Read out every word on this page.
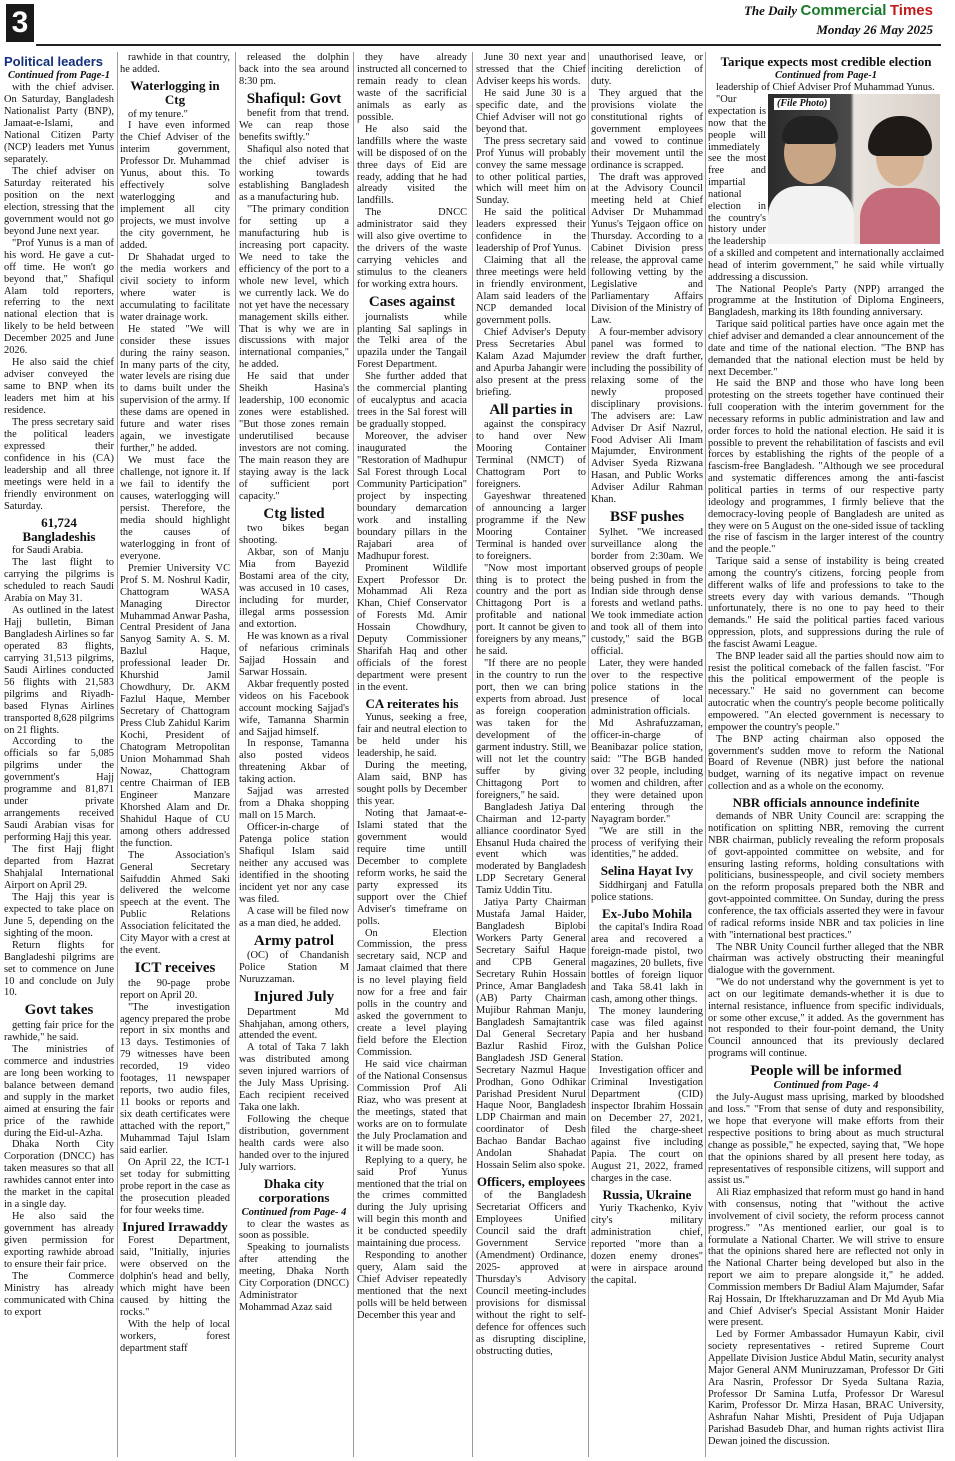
3	The Daily Commercial Times
Monday 26 May 2025
Political leaders
Continued from Page-1

with the chief adviser. On Saturday, Bangladesh Nationalist Party (BNP), Jamaat-e-Islami, and National Citizen Party (NCP) leaders met Yunus separately.

The chief adviser on Saturday reiterated his position on the next election, stressing that the government would not go beyond June next year.

"Prof Yunus is a man of his word. He gave a cut-off time. He won't go beyond that," Shafiqul Alam told reporters, referring to the next national election that is likely to be held between December 2025 and June 2026.

He also said the chief adviser conveyed the same to BNP when its leaders met him at his residence.

The press secretary said the political leaders expressed their confidence in his (CA) leadership and all three meetings were held in a friendly environment on Saturday.

61,724 Bangladeshis

for Saudi Arabia.

The last flight to carrying the pilgrims is scheduled to reach Saudi Arabia on May 31.

As outlined in the latest Hajj bulletin, Biman Bangladesh Airlines so far operated 83 flights, carrying 31,513 pilgrims, Saudi Airlines conducted 56 flights with 21,583 pilgrims and Riyadh-based Flynas Airlines transported 8,628 pilgrims on 21 flights.

According to the officials so far 5,085 pilgrims under the government's Hajj programme and 81,871 under private arrangements received Saudi Arabian visas for performing Hajj this year.

The first Hajj flight departed from Hazrat Shahjalal International Airport on April 29.

The Hajj this year is expected to take place on June 5, depending on the sighting of the moon.

Return flights for Bangladeshi pilgrims are set to commence on June 10 and conclude on July 10.

Govt takes

getting fair price for the rawhide," he said.

The ministries of commerce and industries are long been working to balance between demand and supply in the market aimed at ensuring the fair price of the rawhide during the Eid-ul-Azha.

Dhaka North City Corporation (DNCC) has taken measures so that all rawhides cannot enter into the market in the capital in a single day.

He also said the government has already given permission for exporting rawhide abroad to ensure their fair price.

The Commerce Ministry has already communicated with China to export

rawhide in that country, he added.

Waterlogging in Ctg

of my tenure."

I have even informed the Chief Adviser of the interim government, Professor Dr. Muhammad Yunus, about this. To effectively solve waterlogging and implement all city projects, we must involve the city government, he added.

Dr Shahadat urged to the media workers and civil society to inform where water is accumulating to facilitate water drainage work.

He stated "We will consider these issues during the rainy season. In many parts of the city, water levels are rising due to dams built under the supervision of the army. If these dams are opened in future and water rises again, we investigate further," he added.

We must face the challenge, not ignore it. If we fail to identify the causes, waterlogging will persist. Therefore, the media should highlight the causes of waterlogging in front of everyone.

Premier University VC Prof S. M. Noshrul Kadir, Chattogram WASA Managing Director Muhammad Anwar Pasha, Central President of Jana Sanyog Samity A. S. M. Bazlul Haque, professional leader Dr. Khurshid Jamil Chowdhury, Dr. AKM Fazlul Haque, Member Secretary of Chattogram Press Club Zahidul Karim Kochi, President of Chatogram Metropolitan Union Mohammad Shah Nowaz, Chattogram centre Chairman of IEB Engineer Manzare Khorshed Alam and Dr. Shahidul Haque of CU among others addressed the function.

The Association's General Secretary Saifuddin Ahmed Saki delivered the welcome speech at the event. The Public Relations Association felicitated the City Mayor with a crest at the event.

ICT receives

the 90-page probe report on April 20.

"The investigation agency prepared the probe report in six months and 13 days. Testimonies of 79 witnesses have been recorded, 19 video footages, 11 newspaper reports, two audio files, 11 books or reports and six death certificates were attached with the report," Muhammad Tajul Islam said earlier.

On April 22, the ICT-1 set today for submitting probe report in the case as the prosecution pleaded for four weeks time.

Injured Irrawaddy

Forest Department, said, "Initially, injuries were observed on the dolphin's head and belly, which might have been caused by hitting the rocks."

With the help of local workers, forest department staff

released the dolphin back into the sea around 8:30 pm.

Shafiqul: Govt

benefit from that trend. We can reap those benefits swiftly."

Shafiqul also noted that the chief adviser is working towards establishing Bangladesh as a manufacturing hub.

"The primary condition for setting up a manufacturing hub is increasing port capacity. We need to take the efficiency of the port to a whole new level, which we currently lack. We do not yet have the necessary management skills either. That is why we are in discussions with major international companies," he added.

He said that under Sheikh Hasina's leadership, 100 economic zones were established. "But those zones remain underutilised because investors are not coming. The main reason they are staying away is the lack of sufficient port capacity."

Ctg listed

two bikes began shooting.

Akbar, son of Manju Mia from Bayezid Bostami area of the city, was accused in 10 cases, including for murder, illegal arms possession and extortion.

He was known as a rival of nefarious criminals Sajjad Hossain and Sarwar Hossain.

Akbar frequently posted videos on his Facebook account mocking Sajjad's wife, Tamanna Sharmin and Sajjad himself.

In response, Tamanna also posted videos threatening Akbar of taking action.

Sajjad was arrested from a Dhaka shopping mall on 15 March.

Officer-in-charge of Patenga police station Shafiqul Islam said neither any accused was identified in the shooting incident yet nor any case was filed.

A case will be filed now as a man died, he added.

Army patrol

(OC) of Chandanish Police Station M Nuruzzaman.

Injured July

Department Md Shahjahan, among others, attended the event.

A total of Taka 7 lakh was distributed among seven injured warriors of the July Mass Uprising. Each recipient received Taka one lakh.

Following the cheque distribution, government health cards were also handed over to the injured July warriors.

Dhaka city corporations
Continued from Page- 4

to clear the wastes as soon as possible.

Speaking to journalists after attending the meeting, Dhaka North City Corporation (DNCC) Administrator Mohammad Azaz said

they have already instructed all concerned to remain ready to clean waste of the sacrificial animals as early as possible.

He also said the landfills where the waste will be disposed of on the three days of Eid are ready, adding that he had already visited the landfills.

The DNCC administrator said they will also give overtime to the drivers of the waste carrying vehicles and stimulus to the cleaners for working extra hours.

Cases against

journalists while planting Sal saplings in the Telki area of the upazila under the Tangail Forest Department.

She further added that the commercial planting of eucalyptus and acacia trees in the Sal forest will be gradually stopped.

Moreover, the adviser inaugurated the "Restoration of Madhupur Sal Forest through Local Community Participation" project by inspecting boundary demarcation work and installing boundary pillars in the Rajabari area of Madhupur forest.

Prominent Wildlife Expert Professor Dr. Mohammad Ali Reza Khan, Chief Conservator of Forests Md. Amir Hossain Chowdhury, Deputy Commissioner Sharifah Haq and other officials of the forest department were present in the event.

CA reiterates his

Yunus, seeking a free, fair and neutral election to be held under his leadership, he said.

During the meeting, Alam said, BNP has sought polls by December this year.

Noting that Jamaat-e-Islami stated that the government would require time untill December to complete reform works, he said the party expressed its support over the Chief Adviser's timeframe on polls.

On Election Commission, the press secretary said, NCP and Jamaat claimed that there is no level playing field now for a free and fair polls in the country and asked the government to create a level playing field before the Election Commission.

He said vice chairman of the National Consensus Commission Prof Ali Riaz, who was present at the meetings, stated that works are on to formulate the July Proclamation and it will be made soon.

Replying to a query, he said Prof Yunus mentioned that the trial on the crimes committed during the July uprising will begin this month and it be conducted speedily maintaining due process.

Responding to another query, Alam said the Chief Adviser repeatedly mentioned that the next polls will be held between December this year and

June 30 next year and stressed that the Chief Adviser keeps his words.

He said June 30 is a specific date, and the Chief Adviser will not go beyond that.

The press secretary said Prof Yunus will probably convey the same message to other political parties, which will meet him on Sunday.

He said the political leaders expressed their confidence in the leadership of Prof Yunus.

Claiming that all the three meetings were held in friendly environment, Alam said leaders of the NCP demanded local government polls.

Chief Adviser's Deputy Press Secretaries Abul Kalam Azad Majumder and Apurba Jahangir were also present at the press briefing.

All parties in

against the conspiracy to hand over New Mooring Container Terminal (NMCT) of Chattogram Port to foreigners.

Gayeshwar threatened of announcing a larger programme if the New Mooring Container Terminal is handed over to foreigners.

"Now most important thing is to protect the country and the port as Chittagong Port is a profitable and national port. It cannot be given to foreigners by any means," he said.

"If there are no people in the country to run the port, then we can bring experts from abroad. Just as foreign cooperation was taken for the development of the garment industry. Still, we will not let the country suffer by giving Chittagong Port to foreigners," he said.

Bangladesh Jatiya Dal Chairman and 12-party alliance coordinator Syed Ehsanul Huda chaired the event which was moderated by Bangladesh LDP Secretary General Tamiz Uddin Titu.

Jatiya Party Chairman Mustafa Jamal Haider, Bangladesh Biplobi Workers Party General Secretary Saiful Haque and CPB General Secretary Ruhin Hossain Prince, Amar Bangladesh (AB) Party Chairman Mujibur Rahman Manju, Bangladesh Samajtantrik Dal General Secretary Bazlur Rashid Firoz, Bangladesh JSD General Secretary Nazmul Haque Prodhan, Gono Odhikar Parishad President Nurul Haque Noor, Bangladesh LDP Chairman and main coordinator of Desh Bachao Bandar Bachao Andolan Shahadat Hossain Selim also spoke.

Officers, employees

of the Bangladesh Secretariat Officers and Employees Unified Council said the draft Government Service (Amendment) Ordinance, 2025- approved at Thursday's Advisory Council meeting-includes provisions for dismissal without the right to self-defence for offences such as disrupting discipline, obstructing duties,

unauthorised leave, or inciting dereliction of duty.

They argued that the provisions violate the constitutional rights of government employees and vowed to continue their movement until the ordinance is scrapped.

The draft was approved at the Advisory Council meeting held at Chief Adviser Dr Muhammad Yunus's Tejgaon office on Thursday. According to a Cabinet Division press release, the approval came following vetting by the Legislative and Parliamentary Affairs Division of the Ministry of Law.

A four-member advisory panel was formed to review the draft further, including the possibility of relaxing some of the newly proposed disciplinary provisions. The advisers are: Law Adviser Dr Asif Nazrul, Food Adviser Ali Imam Majumder, Environment Adviser Syeda Rizwana Hasan, and Public Works Adviser Adilur Rahman Khan.

BSF pushes

Sylhet. "We increased surveillance along the border from 2:30am. We observed groups of people being pushed in from the Indian side through dense forests and wetland paths. We took immediate action and took all of them into custody," said the BGB official.

Later, they were handed over to the respective police stations in the presence of local administration officials.

Md Ashrafuzzaman, officer-in-charge of Beanibazar police station, said: "The BGB handed over 32 people, including women and children, after they were detained upon entering through the Nayagram border."

"We are still in the process of verifying their identities," he added.

Selina Hayat Ivy

Siddhirganj and Fatulla police stations.

Ex-Jubo Mohila

the capital's Indira Road area and recovered a foreign-made pistol, two magazines, 20 bullets, five bottles of foreign liquor and Taka 58.41 lakh in cash, among other things.

The money laundering case was filed against Papia and her husband with the Gulshan Police Station.

Investigation officer and Criminal Investigation Department (CID) inspector Ibrahim Hossain on December 27, 2021, filed the charge-sheet against five including Papia. The court on August 21, 2022, framed charges in the case.

Russia, Ukraine

Yuriy Tkachenko, Kyiv city's military administration chief, reported "more than a dozen enemy drones" were in airspace around the capital.

Tarique expects most credible election
Continued from Page-1

leadership of Chief Adviser Prof Muhammad Yunus.

(File Photo)

"Our expectation is now that the people will immediately see the most free and impartial national election in the country's history under the leadership of a skilled and competent and internationally acclaimed head of interim government," he said while virtually addressing a discussion.

The National People's Party (NPP) arranged the programme at the Institution of Diploma Engineers, Bangladesh, marking its 18th founding anniversary.

Tarique said political parties have once again met the chief adviser and demanded a clear announcement of the date and time of the national election. "The BNP has demanded that the national election must be held by next December."

He said the BNP and those who have long been protesting on the streets together have continued their full cooperation with the interim government for the necessary reforms in public administration and law and order forces to hold the national election. He said it is possible to prevent the rehabilitation of fascists and evil forces by establishing the rights of the people of a fascism-free Bangladesh. "Although we see procedural and systematic differences among the anti-fascist political parties in terms of our respective party ideology and programmes, I firmly believe that the democracy-loving people of Bangladesh are united as they were on 5 August on the one-sided issue of tackling the rise of fascism in the larger interest of the country and the people."

Tarique said a sense of instability is being created among the country's citizens, forcing people from different walks of life and professions to take to the streets every day with various demands. "Though unfortunately, there is no one to pay heed to their demands." He said the political parties faced various oppression, plots, and suppressions during the rule of the fascist Awami League.

The BNP leader said all the parties should now aim to resist the political comeback of the fallen fascist. "For this the political empowerment of the people is necessary." He said no government can become autocratic when the country's people become politically empowered. "An elected government is necessary to empower the country's people."

The BNP acting chairman also opposed the government's sudden move to reform the National Board of Revenue (NBR) just before the national budget, warning of its negative impact on revenue collection and as a whole on the economy.

NBR officials announce indefinite

demands of NBR Unity Council are: scrapping the notification on splitting NBR, removing the current NBR chairman, publicly revealing the reform proposals of govt-appointed committee on website, and for ensuring lasting reforms, holding consultations with politicians, businesspeople, and civil society members on the reform proposals prepared both the NBR and govt-appointed committee. On Sunday, during the press conference, the tax officials asserted they were in favour of radical reforms inside NBR and tax policies in line with "international best practices."

The NBR Unity Council further alleged that the NBR chairman was actively obstructing their meaningful dialogue with the government.

"We do not understand why the government is yet to act on our legitimate demands-whether it is due to internal resistance, influence from specific individuals, or some other excuse," it added. As the government has not responded to their four-point demand, the Unity Council announced that its previously declared programs will continue.

People will be informed
Continued from Page- 4

the July-August mass uprising, marked by bloodshed and loss." "From that sense of duty and responsibility, we hope that everyone will make efforts from their respective positions to bring about as much structural change as possible," he expected, saying that, "We hope that the opinions shared by all present here today, as representatives of responsible citizens, will support and assist us."

Ali Riaz emphasized that reform must go hand in hand with consensus, noting that "without the active involvement of civil society, the reform process cannot progress." "As mentioned earlier, our goal is to formulate a National Charter. We will strive to ensure that the opinions shared here are reflected not only in the National Charter being developed but also in the report we aim to prepare alongside it," he added. Commission members Dr Badiul Alam Majumder, Safar Raj Hossain, Dr Iftekharuzzaman and Dr Md Ayub Mia and Chief Adviser's Special Assistant Monir Haider were present.

Led by Former Ambassador Humayun Kabir, civil society representatives - retired Supreme Court Appellate Division Justice Abdul Matin, security analyst Major General ANM Muniruzzaman, Professor Dr Giti Ara Nasrin, Professor Dr Syeda Sultana Razia, Professor Dr Samina Lutfa, Professor Dr Waresul Karim, Professor Dr. Mirza Hasan, BRAC University, Ashrafun Nahar Mishti, President of Puja Udjapan Parishad Basudeb Dhar, and human rights activist Ilira Dewan joined the discussion.
